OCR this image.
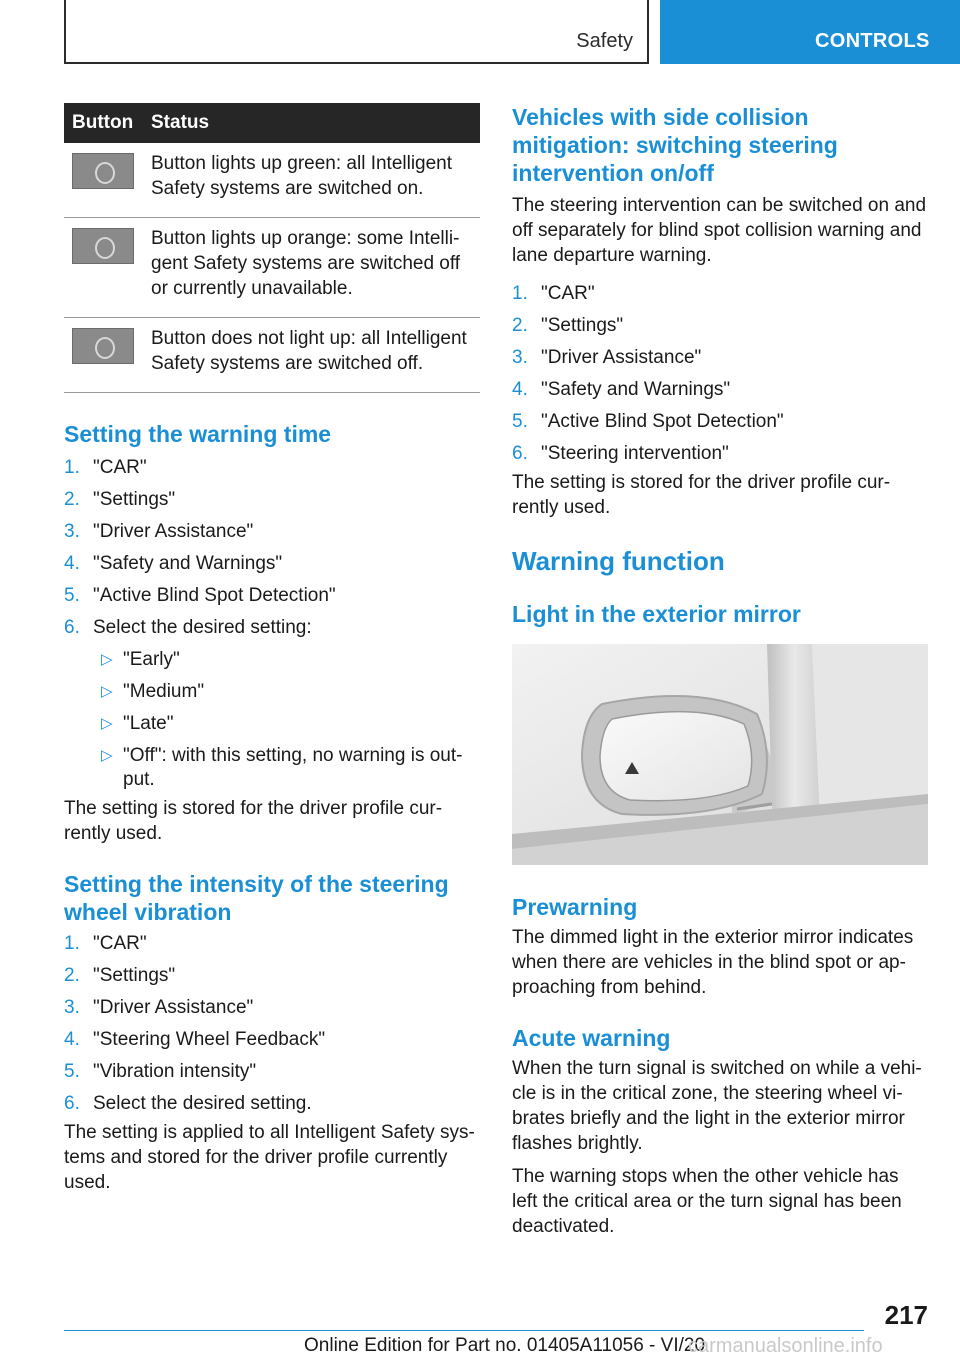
Safety	CONTROLS
Button	Status

	Button lights up green: all Intelligent Safety systems are switched on.

	Button lights up orange: some Intelli-gent Safety systems are switched off or currently unavailable.

	Button does not light up: all Intelligent Safety systems are switched off.
Setting the warning time
1. "CAR"
2. "Settings"
3. "Driver Assistance"
4. "Safety and Warnings"
5. "Active Blind Spot Detection"
6. Select the desired setting:
▷ "Early"
▷ "Medium"
▷ "Late"
▷ "Off": with this setting, no warning is out-put.

The setting is stored for the driver profile cur-rently used.

Setting the intensity of the steering wheel vibration
1. "CAR"
2. "Settings"
3. "Driver Assistance"
4. "Steering Wheel Feedback"
5. "Vibration intensity"
6. Select the desired setting.

The setting is applied to all Intelligent Safety sys-tems and stored for the driver profile currently used.

Vehicles with side collision mitigation: switching steering intervention on/off

The steering intervention can be switched on and off separately for blind spot collision warning and lane departure warning.

1. "CAR"
2. "Settings"
3. "Driver Assistance"
4. "Safety and Warnings"
5. "Active Blind Spot Detection"
6. "Steering intervention"

The setting is stored for the driver profile cur-rently used.

Warning function
Light in the exterior mirror
Prewarning

The dimmed light in the exterior mirror indicates when there are vehicles in the blind spot or ap-proaching from behind.

Acute warning

When the turn signal is switched on while a vehi-cle is in the critical zone, the steering wheel vi-brates briefly and the light in the exterior mirror flashes brightly.

The warning stops when the other vehicle has left the critical area or the turn signal has been deactivated.

217
Online Edition for Part no. 01405A11056 - VI/20
carmanualsonline.info
